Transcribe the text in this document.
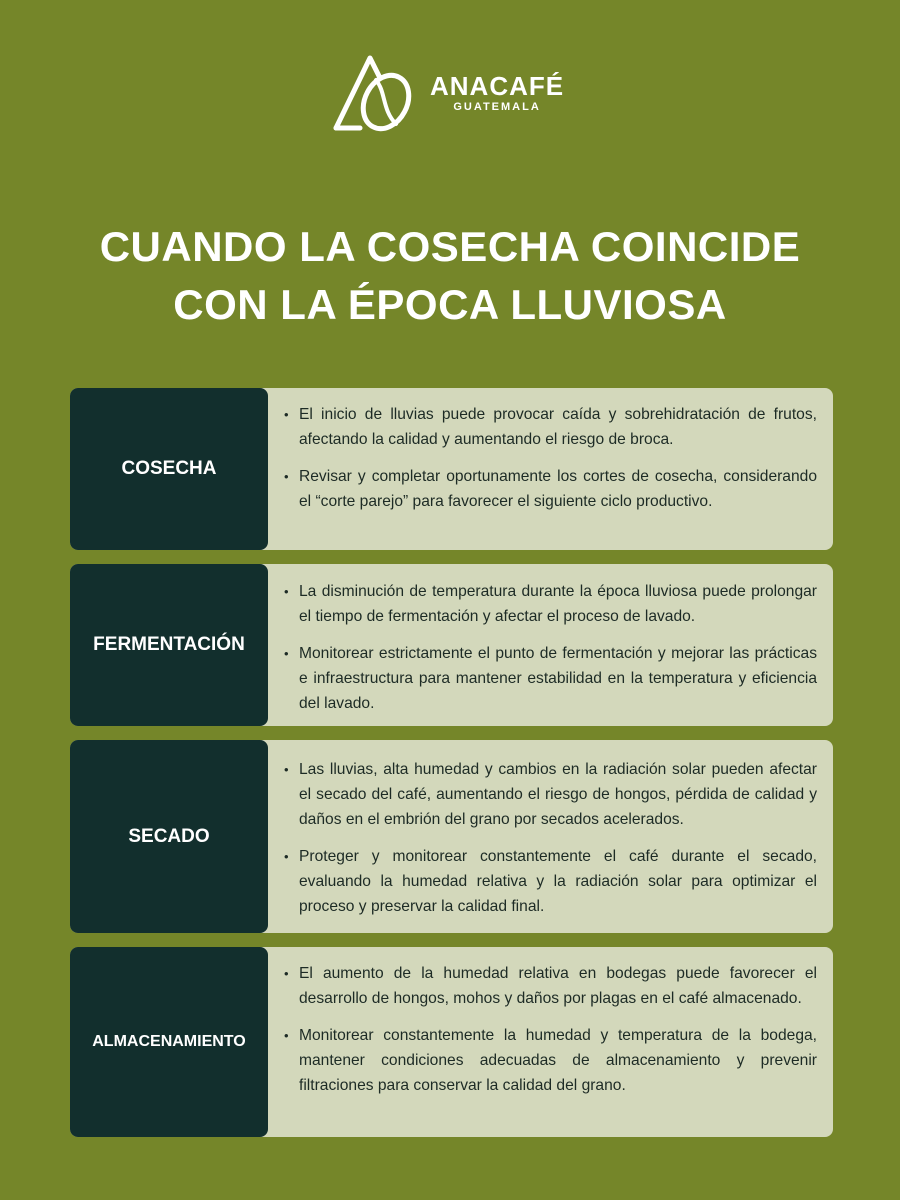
ANACAFÉ
GUATEMALA
CUANDO LA COSECHA COINCIDE
CON LA ÉPOCA LLUVIOSA
COSECHA
• El inicio de lluvias puede provocar caída y sobrehidratación de frutos, afectando la calidad y aumentando el riesgo de broca.
• Revisar y completar oportunamente los cortes de cosecha, considerando el “corte parejo” para favorecer el siguiente ciclo productivo.
FERMENTACIÓN
• La disminución de temperatura durante la época lluviosa puede prolongar el tiempo de fermentación y afectar el proceso de lavado.
• Monitorear estrictamente el punto de fermentación y mejorar las prácticas e infraestructura para mantener estabilidad en la temperatura y eficiencia del lavado.
SECADO
• Las lluvias, alta humedad y cambios en la radiación solar pueden afectar el secado del café, aumentando el riesgo de hongos, pérdida de calidad y daños en el embrión del grano por secados acelerados.
• Proteger y monitorear constantemente el café durante el secado, evaluando la humedad relativa y la radiación solar para optimizar el proceso y preservar la calidad final.
ALMACENAMIENTO
• El aumento de la humedad relativa en bodegas puede favorecer el desarrollo de hongos, mohos y daños por plagas en el café almacenado.
• Monitorear constantemente la humedad y temperatura de la bodega, mantener condiciones adecuadas de almacenamiento y prevenir filtraciones para conservar la calidad del grano.
